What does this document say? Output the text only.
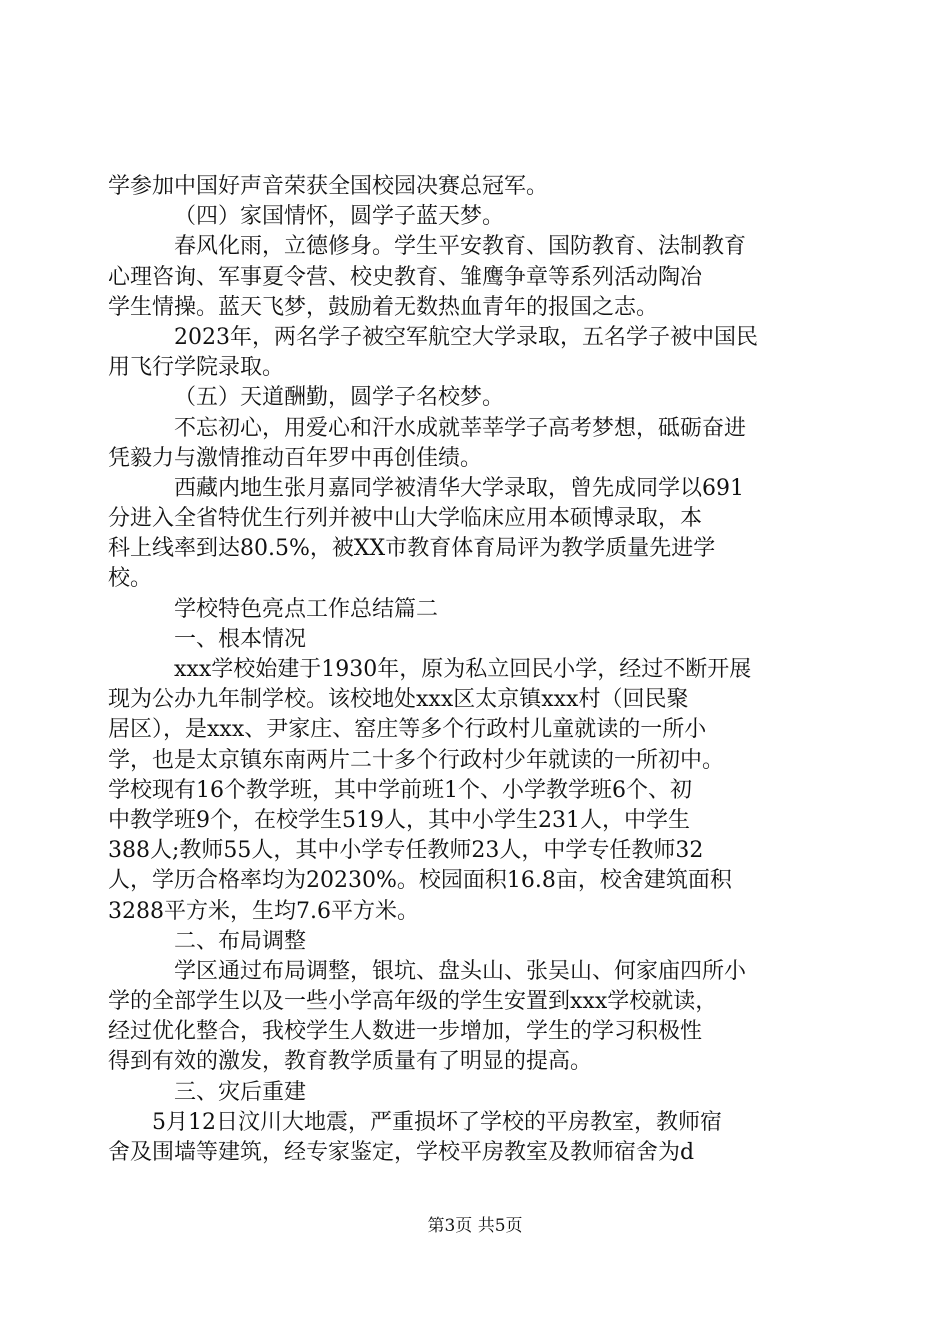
学参加中国好声音荣获全国校园决赛总冠军。
（四）家国情怀，圆学子蓝天梦。
春风化雨，立德修身。学生平安教育、国防教育、法制教育
心理咨询、军事夏令营、校史教育、雏鹰争章等系列活动陶冶
学生情操。蓝天飞梦，鼓励着无数热血青年的报国之志。
2023年，两名学子被空军航空大学录取，五名学子被中国民
用飞行学院录取。
（五）天道酬勤，圆学子名校梦。
不忘初心，用爱心和汗水成就莘莘学子高考梦想，砥砺奋进
凭毅力与激情推动百年罗中再创佳绩。
西藏内地生张月嘉同学被清华大学录取，曾先成同学以691
分进入全省特优生行列并被中山大学临床应用本硕博录取，本
科上线率到达80.5%，被XX市教育体育局评为教学质量先进学
校。
学校特色亮点工作总结篇二
一、根本情况
xxx学校始建于1930年，原为私立回民小学，经过不断开展
现为公办九年制学校。该校地处xxx区太京镇xxx村（回民聚
居区），是xxx、尹家庄、窑庄等多个行政村儿童就读的一所小
学，也是太京镇东南两片二十多个行政村少年就读的一所初中。
学校现有16个教学班，其中学前班1个、小学教学班6个、初
中教学班9个，在校学生519人，其中小学生231人，中学生
388人;教师55人，其中小学专任教师23人，中学专任教师32
人，学历合格率均为20230%。校园面积16.8亩，校舍建筑面积
3288平方米，生均7.6平方米。
二、布局调整
学区通过布局调整，银坑、盘头山、张吴山、何家庙四所小
学的全部学生以及一些小学高年级的学生安置到xxx学校就读，
经过优化整合，我校学生人数进一步增加，学生的学习积极性
得到有效的激发，教育教学质量有了明显的提高。
三、灾后重建
5月12日汶川大地震，严重损坏了学校的平房教室，教师宿
舍及围墙等建筑，经专家鉴定，学校平房教室及教师宿舍为d
第3页 共5页
